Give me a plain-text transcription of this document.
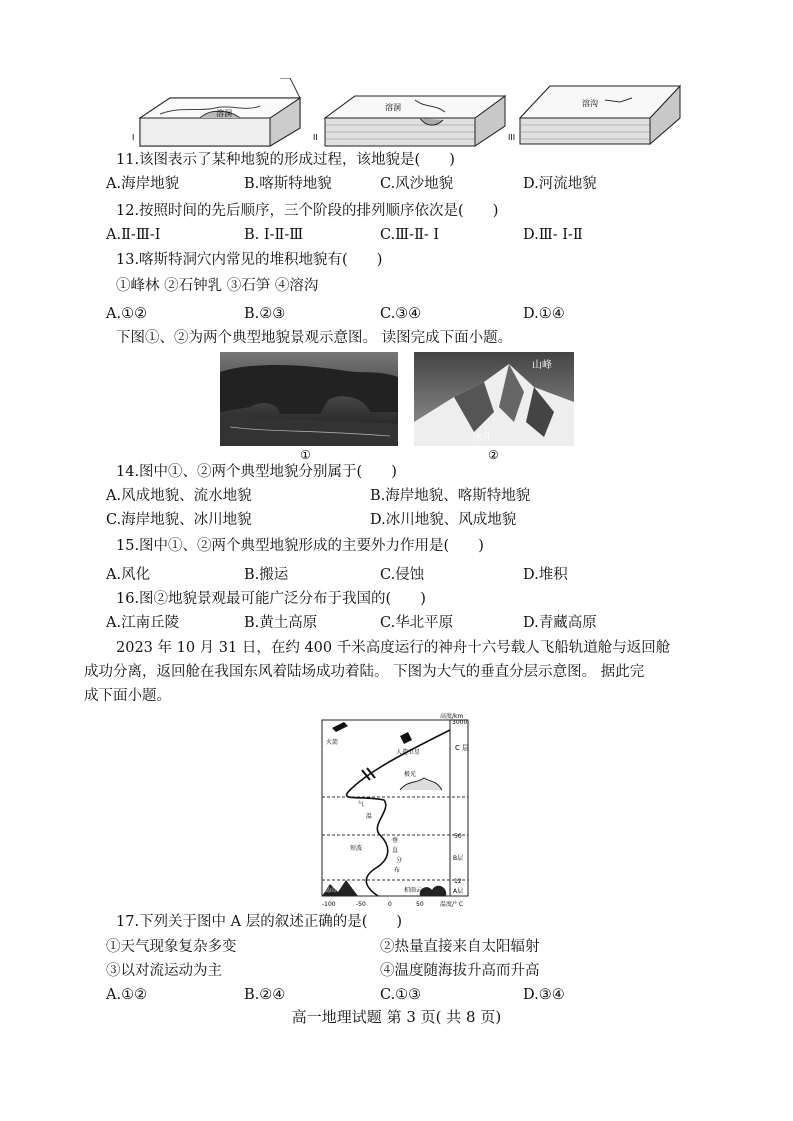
I
溶洞
II
溶洞
III
溶沟
11.该图表示了某种地貌的形成过程，该地貌是(　　)
A.海岸地貌	B.喀斯特地貌	C.风沙地貌	D.河流地貌
12.按照时间的先后顺序，三个阶段的排列顺序依次是(　　)
A.Ⅱ-Ⅲ-Ⅰ	B. Ⅰ-Ⅱ-Ⅲ	C.Ⅲ-Ⅱ- Ⅰ	D.Ⅲ- Ⅰ-Ⅱ
13.喀斯特洞穴内常见的堆积地貌有(　　)
①峰林 ②石钟乳 ③石笋 ④溶沟
A.①②	B.②③	C.③④	D.①④
下图①、②为两个典型地貌景观示意图。 读图完成下面小题。
山峰
冰斗
①	②
14.图中①、②两个典型地貌分别属于(　　)
A.风成地貌、流水地貌	B.海岸地貌、喀斯特地貌
C.海岸地貌、冰川地貌	D.冰川地貌、风成地貌
15.图中①、②两个典型地貌形成的主要外力作用是(　　)
A.风化	B.搬运	C.侵蚀	D.堆积
16.图②地貌景观最可能广泛分布于我国的(　　)
A.江南丘陵	B.黄土高原	C.华北平原	D.青藏高原
2023 年 10 月 31 日，在约 400 千米高度运行的神舟十六号载人飞船轨道舱与返回舱
成功分离，返回舱在我国东风着陆场成功着陆。 下图为大气的垂直分层示意图。 据此完
成下面小题。
高度/km
3000
50
12
C 层
B层
A层
-100	-50	0	50	温度/° C
火箭
人造卫星
极光
气
温
垂
直
分
布
短波
高山	积雨云
17.下列关于图中 A 层的叙述正确的是(　　)
①天气现象复杂多变	②热量直接来自太阳辐射
③以对流运动为主	④温度随海拔升高而升高
A.①②	B.②④	C.①③	D.③④
高一地理试题 第 3 页( 共 8 页)
